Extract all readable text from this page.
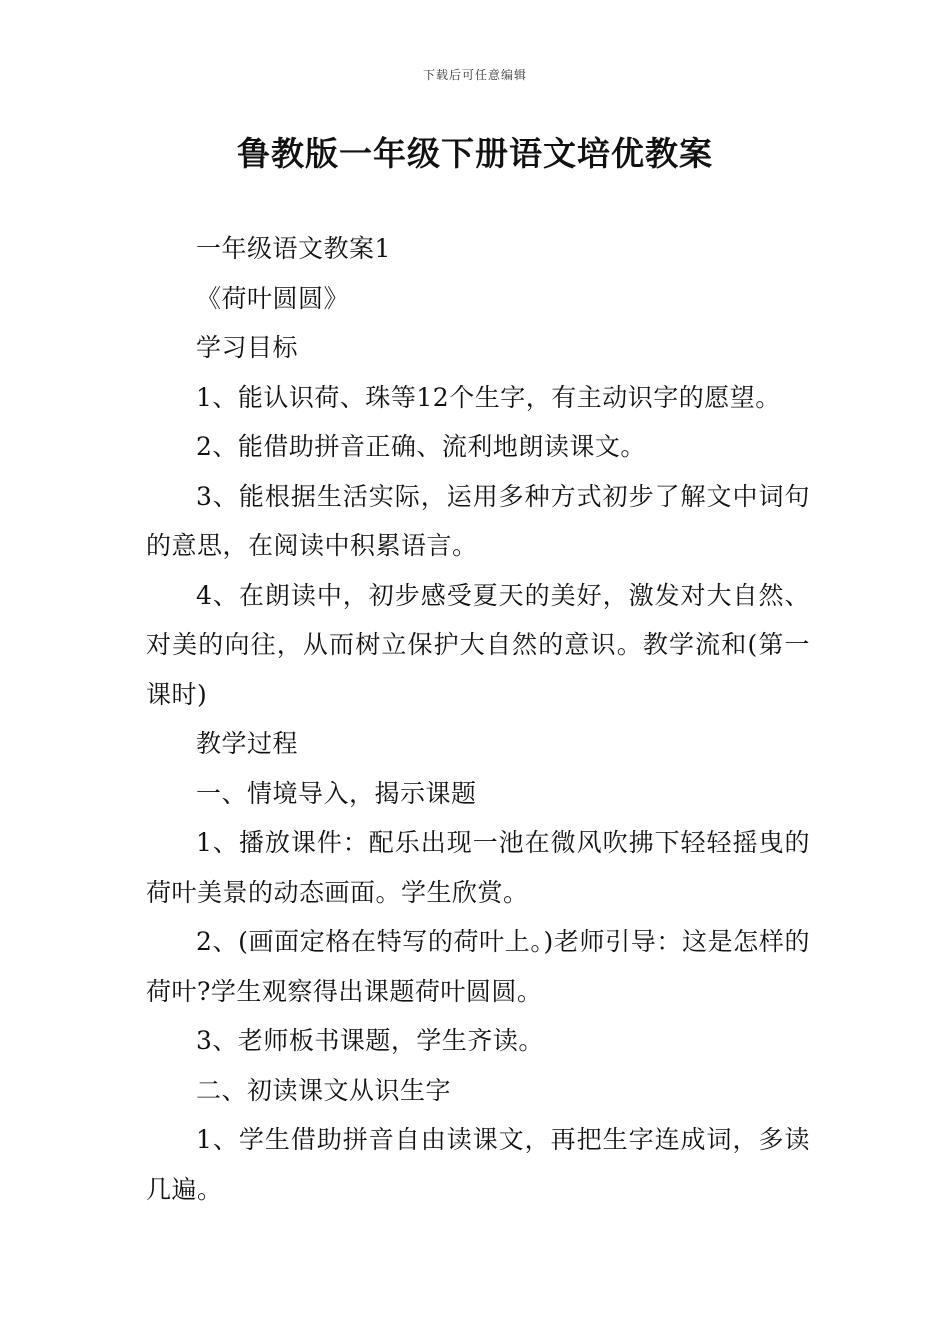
下载后可任意编辑
鲁教版一年级下册语文培优教案

一年级语文教案1

《荷叶圆圆》

学习目标

1、能认识荷、珠等12个生字，有主动识字的愿望。

2、能借助拼音正确、流利地朗读课文。

3、能根据生活实际，运用多种方式初步了解文中词句的意思，在阅读中积累语言。

4、在朗读中，初步感受夏天的美好，激发对大自然、对美的向往，从而树立保护大自然的意识。教学流和(第一课时)

教学过程

一、情境导入，揭示课题

1、播放课件：配乐出现一池在微风吹拂下轻轻摇曳的荷叶美景的动态画面。学生欣赏。

2、(画面定格在特写的荷叶上。)老师引导：这是怎样的荷叶?学生观察得出课题荷叶圆圆。

3、老师板书课题，学生齐读。

二、初读课文从识生字

1、学生借助拼音自由读课文，再把生字连成词，多读几遍。
